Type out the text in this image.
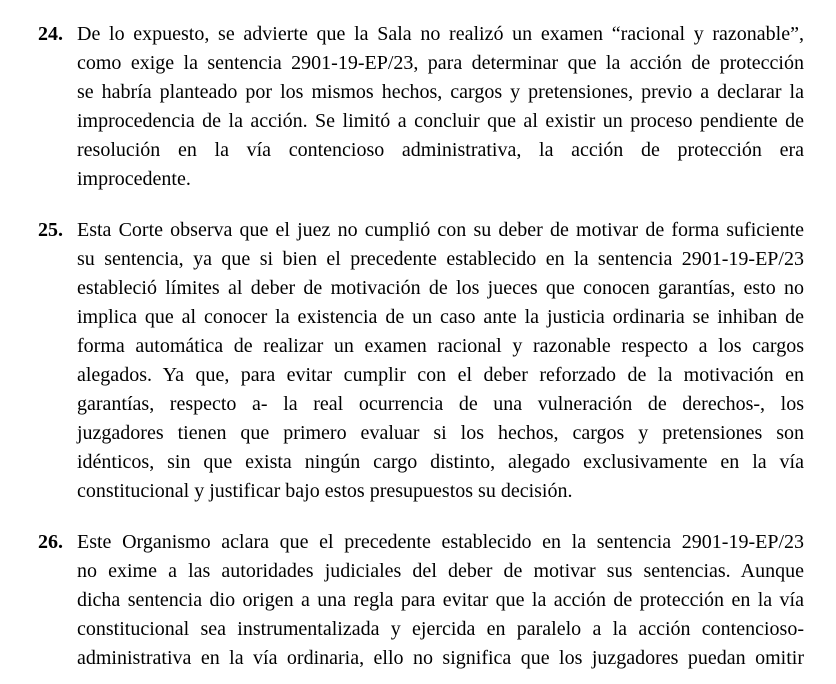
24. De lo expuesto, se advierte que la Sala no realizó un examen “racional y razonable”,
como exige la sentencia 2901-19-EP/23, para determinar que la acción de protección
se habría planteado por los mismos hechos, cargos y pretensiones, previo a declarar la
improcedencia de la acción. Se limitó a concluir que al existir un proceso pendiente de
resolución en la vía contencioso administrativa, la acción de protección era
improcedente.
25. Esta Corte observa que el juez no cumplió con su deber de motivar de forma suficiente
su sentencia, ya que si bien el precedente establecido en la sentencia 2901-19-EP/23
estableció límites al deber de motivación de los jueces que conocen garantías, esto no
implica que al conocer la existencia de un caso ante la justicia ordinaria se inhiban de
forma automática de realizar un examen racional y razonable respecto a los cargos
alegados. Ya que, para evitar cumplir con el deber reforzado de la motivación en
garantías, respecto a- la real ocurrencia de una vulneración de derechos-, los
juzgadores tienen que primero evaluar si los hechos, cargos y pretensiones son
idénticos, sin que exista ningún cargo distinto, alegado exclusivamente en la vía
constitucional y justificar bajo estos presupuestos su decisión.
26. Este Organismo aclara que el precedente establecido en la sentencia 2901-19-EP/23
no exime a las autoridades judiciales del deber de motivar sus sentencias. Aunque
dicha sentencia dio origen a una regla para evitar que la acción de protección en la vía
constitucional sea instrumentalizada y ejercida en paralelo a la acción contencioso-
administrativa en la vía ordinaria, ello no significa que los juzgadores puedan omitir
